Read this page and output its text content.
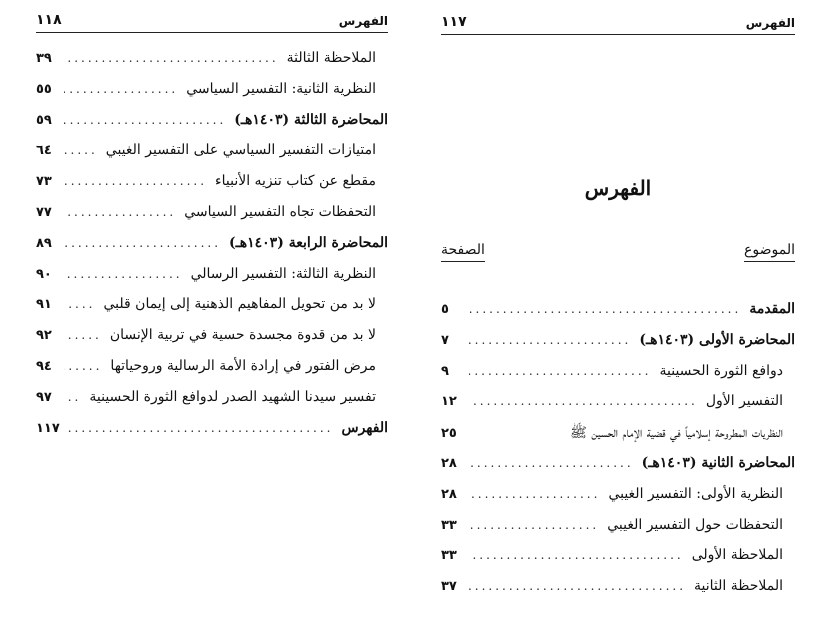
الفهرس
١١٨
الملاحظة الثالثة
.....
٣٩
النظرية الثانية: التفسير السياسي
.....
٥٥
المحاضرة الثالثة (١٤٠٣هـ)
.....
٥٩
امتيازات التفسير السياسي على التفسير الغيبي
.....
٦٤
مقطع عن كتاب تنزيه الأنبياء
.....
٧٣
التحفظات تجاه التفسير السياسي
.....
٧٧
المحاضرة الرابعة (١٤٠٣هـ)
.....
٨٩
النظرية الثالثة: التفسير الرسالي
.....
٩٠
لا بد من تحويل المفاهيم الذهنية إلى إيمان قلبي
.....
٩١
لا بد من قدوة مجسدة حسية في تربية الإنسان
.....
٩٢
مرض الفتور في إرادة الأمة الرسالية وروحياتها
.....
٩٤
تفسير سيدنا الشهيد الصدر لدوافع الثورة الحسينية
.....
٩٧
الفهرس
.....
١١٧
الفهرس
١١٧
الفهرس
الموضوع
الصفحة
المقدمة
.....
٥
المحاضرة الأولى (١٤٠٣هـ)
.....
٧
دوافع الثورة الحسينية
.....
٩
التفسير الأول
.....
١٢
النظريات المطروحة إسلامياً في قضية الإمام الحسين ﷺ
٢٥
المحاضرة الثانية (١٤٠٣هـ)
.....
٢٨
النظرية الأولى: التفسير الغيبي
.....
٢٨
التحفظات حول التفسير الغيبي
.....
٣٣
الملاحظة الأولى
.....
٣٣
الملاحظة الثانية
.....
٣٧
